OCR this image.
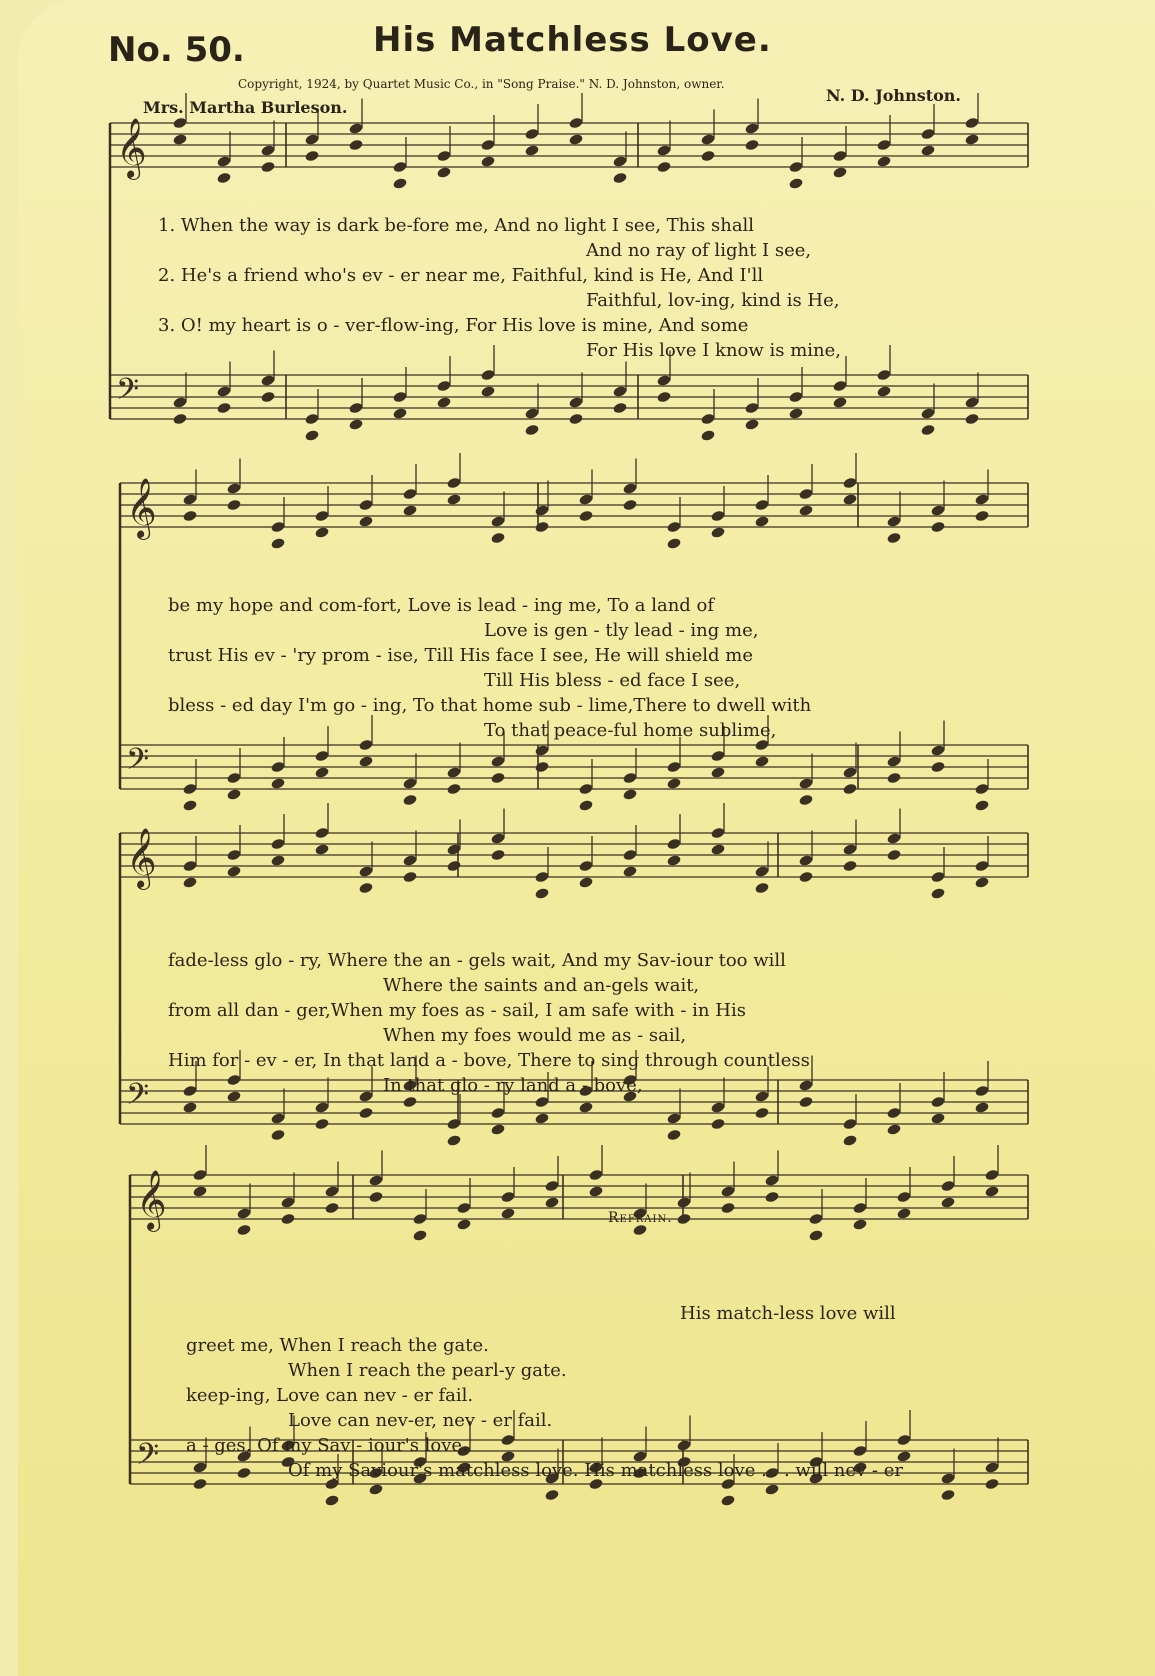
𝄞
𝄢
𝄞
𝄢
𝄞
𝄢
𝄞
𝄢
No. 50.	His Matchless Love.
Copyright, 1924, by Quartet Music Co., in "Song Praise." N. D. Johnston, owner.
Mrs. Martha Burleson.
N. D. Johnston.
1. When the way is dark be-fore me, And no light I see, This shall
And no ray of light I see,
2. He's a friend who's ev - er near me, Faithful, kind is He, And I'll
Faithful, lov-ing, kind is He,
3. O! my heart is o - ver-flow-ing, For His love is mine, And some
For His love I know is mine,
be my hope and com-fort, Love is lead - ing me, To a land of
Love is gen - tly lead - ing me,
trust His ev - 'ry prom - ise, Till His face I see, He will shield me
Till His bless - ed face I see,
bless - ed day I'm go - ing, To that home sub - lime,There to dwell with
To that peace-ful home sublime,
fade-less glo - ry, Where the an - gels wait, And my Sav-iour too will
Where the saints and an-gels wait,
from all dan - ger,When my foes as - sail, I am safe with - in His
When my foes would me as - sail,
Him for - ev - er, In that land a - bove, There to sing through countless
In that glo - ry land a - bove,
Refrain.
His match-less love will
greet me, When I reach the gate.
When I reach the pearl-y gate.
keep-ing, Love can nev - er fail.
Love can nev-er, nev - er fail.
a - ges, Of my Sav - iour's love.
Of my Saviour's matchless love. His matchless love . . . will nev - er
